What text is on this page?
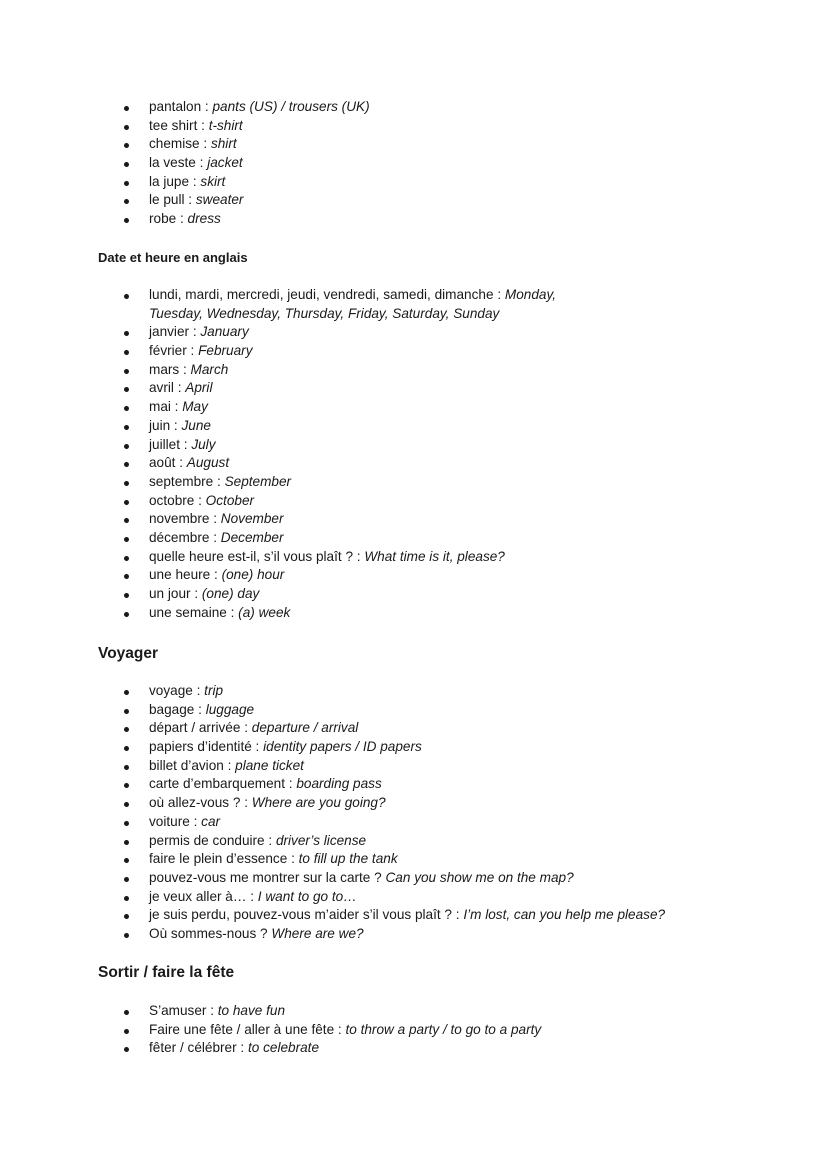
pantalon : pants (US) / trousers (UK)
tee shirt : t-shirt
chemise : shirt
la veste : jacket
la jupe : skirt
le pull : sweater
robe : dress
Date et heure en anglais
lundi, mardi, mercredi, jeudi, vendredi, samedi, dimanche : Monday, Tuesday, Wednesday, Thursday, Friday, Saturday, Sunday
janvier : January
février : February
mars : March
avril : April
mai : May
juin : June
juillet : July
août : August
septembre : September
octobre : October
novembre : November
décembre : December
quelle heure est-il, s’il vous plaît ? : What time is it, please?
une heure : (one) hour
un jour : (one) day
une semaine : (a) week
Voyager
voyage : trip
bagage : luggage
départ / arrivée : departure / arrival
papiers d’identité : identity papers / ID papers
billet d’avion : plane ticket
carte d’embarquement : boarding pass
où allez-vous ? : Where are you going?
voiture : car
permis de conduire : driver’s license
faire le plein d’essence : to fill up the tank
pouvez-vous me montrer sur la carte ? Can you show me on the map?
je veux aller à… : I want to go to…
je suis perdu, pouvez-vous m’aider s’il vous plaît ? : I’m lost, can you help me please?
Où sommes-nous ? Where are we?
Sortir / faire la fête
S’amuser : to have fun
Faire une fête / aller à une fête : to throw a party / to go to a party
fêter / célébrer : to celebrate
